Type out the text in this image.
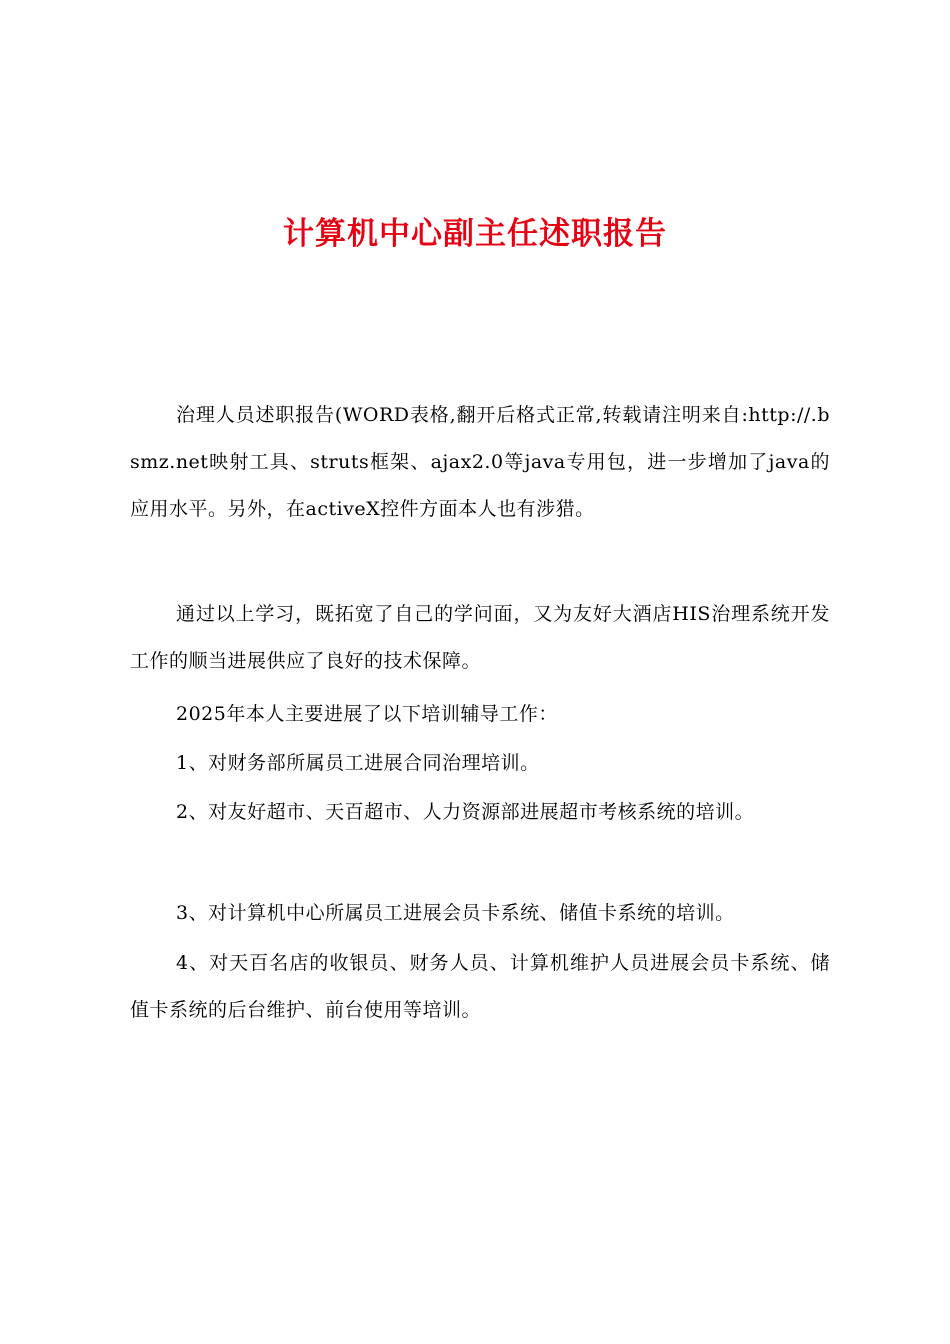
计算机中心副主任述职报告

治理人员述职报告(WORD表格,翻开后格式正常,转载请注明来自:http://.bsmz.net映射工具、struts框架、ajax2.0等java专用包，进一步增加了java的应用水平。另外，在activeX控件方面本人也有涉猎。

通过以上学习，既拓宽了自己的学问面，又为友好大酒店HIS治理系统开发工作的顺当进展供应了良好的技术保障。

2025年本人主要进展了以下培训辅导工作：

1、对财务部所属员工进展合同治理培训。

2、对友好超市、天百超市、人力资源部进展超市考核系统的培训。

3、对计算机中心所属员工进展会员卡系统、储值卡系统的培训。

4、对天百名店的收银员、财务人员、计算机维护人员进展会员卡系统、储值卡系统的后台维护、前台使用等培训。
